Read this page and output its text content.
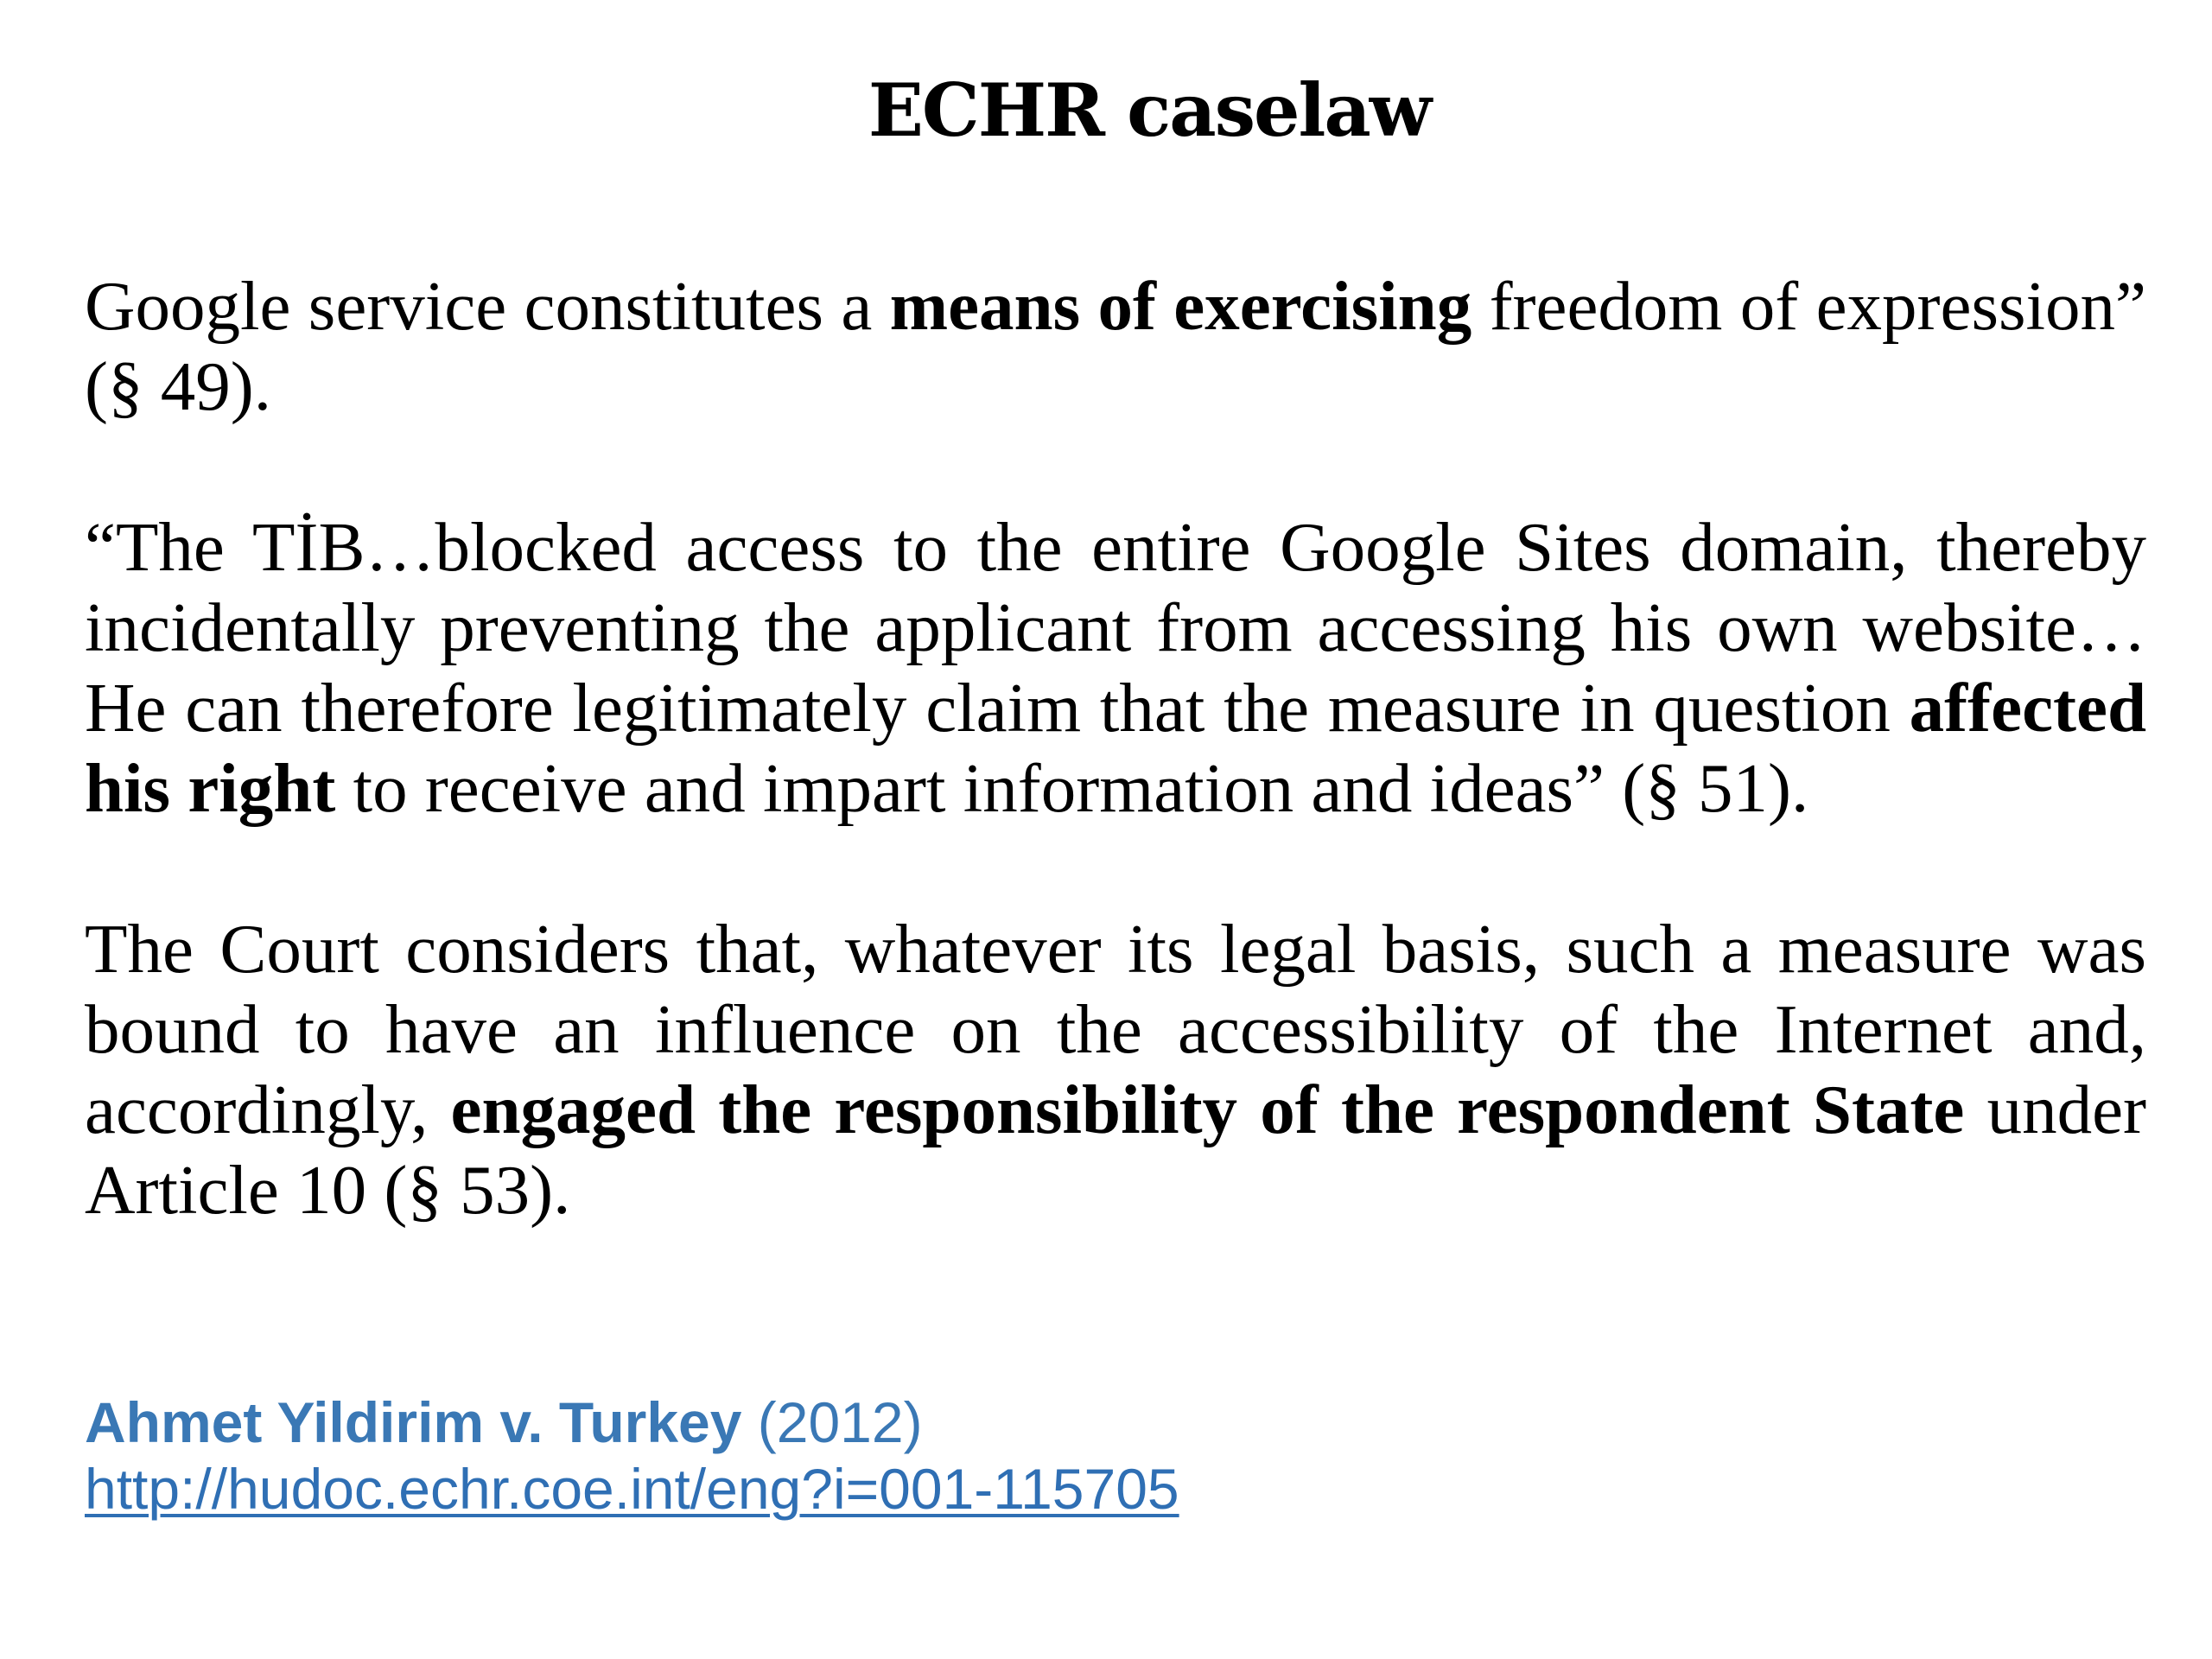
ECHR caselaw

Google service constitutes a means of exercising freedom of expression” (§ 49).

“The TİB…blocked access to the entire Google Sites domain, thereby incidentally preventing the applicant from accessing his own website…He can therefore legitimately claim that the measure in question affected his right to receive and impart information and ideas” (§ 51).

The Court considers that, whatever its legal basis, such a measure was bound to have an influence on the accessibility of the Internet and, accordingly, engaged the responsibility of the respondent State under Article 10 (§ 53).

Ahmet Yildirim v. Turkey (2012)
http://hudoc.echr.coe.int/eng?i=001-115705
